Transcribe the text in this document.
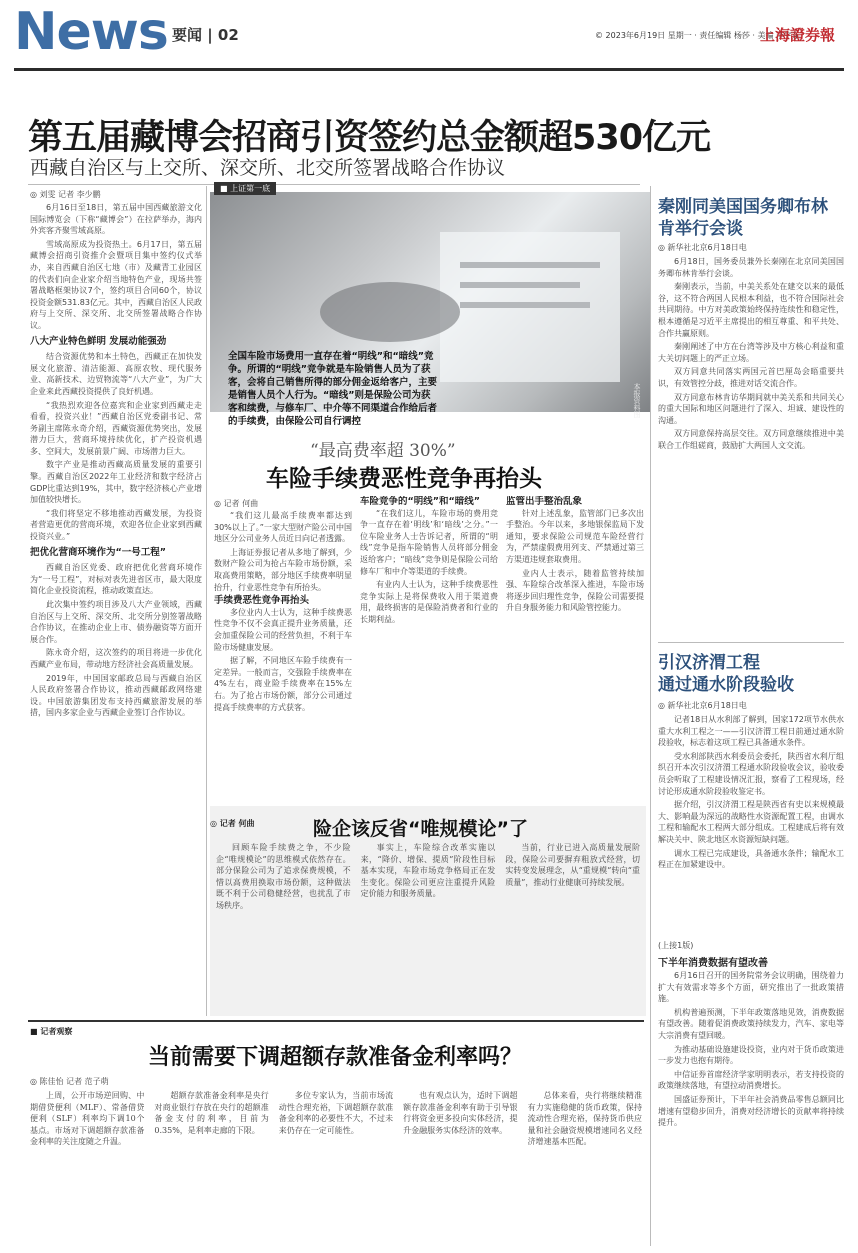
News 要闻 | 02	© 2023年6月19日 星期一 · 责任编辑 杨莎 · 美编 李宇东
上海證券報
第五届藏博会招商引资签约总金额超530亿元
西藏自治区与上交所、深交所、北交所签署战略合作协议
◎ 刘雯 记者 李少鹏

6月16日至18日，第五届中国西藏旅游文化国际博览会（下称“藏博会”）在拉萨举办，海内外宾客齐聚雪域高原。

雪域高原成为投资热土。6月17日，第五届藏博会招商引资推介会暨项目集中签约仪式举办，来自西藏自治区七地（市）及藏青工业园区的代表们向企业家介绍当地特色产业，现场共签署战略框架协议7个，签约项目合同60个，协议投资金额531.83亿元。其中，西藏自治区人民政府与上交所、深交所、北交所签署战略合作协议。

八大产业特色鲜明 发展动能强劲

结合资源优势和本土特色，西藏正在加快发展文化旅游、清洁能源、高原农牧、现代服务业、高新技术、边贸物流等“八大产业”，为广大企业来此西藏投资提供了良好机遇。

“我热烈欢迎各位嘉宾和企业家到西藏走走看看，投资兴业！”西藏自治区党委副书记、常务副主席陈永奇介绍，西藏资源优势突出，发展潜力巨大，营商环境持续优化，扩产投资机遇多、空间大，发展前景广阔、市场潜力巨大。

数字产业是推动西藏高质量发展的重要引擎。西藏自治区2022年工业经济和数字经济占GDP比重达到19%，其中，数字经济核心产业增加值较快增长。

“我们将坚定不移地推动西藏发展，为投资者营造更优的营商环境，欢迎各位企业家到西藏投资兴业。”

把优化营商环境作为“一号工程”

西藏自治区党委、政府把优化营商环境作为“一号工程”，对标对表先进省区市，最大限度简化企业投资流程，推动政策直达。

此次集中签约项目涉及八大产业领域，西藏自治区与上交所、深交所、北交所分别签署战略合作协议，在推动企业上市、债券融资等方面开展合作。

陈永奇介绍，这次签约的项目将进一步优化西藏产业布局，带动地方经济社会高质量发展。

2019年，中国国家邮政总局与西藏自治区人民政府签署合作协议，推动西藏邮政网络建设。中国旅游集团发布支持西藏旅游发展的举措，国内多家企业与西藏企业签订合作协议。

■ 上证第一底
全国车险市场费用一直存在着“明线”和“暗线”竞争。所谓的“明线”竞争就是车险销售人员为了获客，会将自己销售所得的部分佣金返给客户，主要是销售人员个人行为。“暗线”则是保险公司为获客和续费，与修车厂、中介等不同渠道合作给后者的手续费，由保险公司自行调控
本报资料图
“最高费率超 30%”
车险手续费恶性竞争再抬头
◎ 记者 何曲

“我们这儿最高手续费率都达到30%以上了。”一家大型财产险公司中国地区分公司业务人员近日向记者透露。

上海证券报记者从多地了解到，少数财产险公司为抢占车险市场份额，采取高费用策略，部分地区手续费率明显抬升，行业恶性竞争有所抬头。

手续费恶性竞争再抬头

多位业内人士认为，这种手续费恶性竞争不仅不会真正提升业务质量，还会加重保险公司的经营负担，不利于车险市场健康发展。

据了解，不同地区车险手续费有一定差异。一般而言，交强险手续费率在4%左右，商业险手续费率在15%左右。为了抢占市场份额，部分公司通过提高手续费率的方式获客。

车险竞争的“明线”和“暗线”

“在我们这儿，车险市场的费用竞争一直存在着‘明线’和‘暗线’之分。”一位车险业务人士告诉记者，所谓的“明线”竞争是指车险销售人员将部分佣金返给客户；“暗线”竞争则是保险公司给修车厂和中介等渠道的手续费。

有业内人士认为，这种手续费恶性竞争实际上是将保费收入用于渠道费用，最终损害的是保险消费者和行业的长期利益。

监管出手整治乱象

针对上述乱象，监管部门已多次出手整治。今年以来，多地银保监局下发通知，要求保险公司规范车险经营行为，严禁虚假费用列支、严禁通过第三方渠道违规套取费用。

业内人士表示，随着监管持续加强、车险综合改革深入推进，车险市场将逐步回归理性竞争，保险公司需要提升自身服务能力和风险管控能力。

◎ 记者 何曲	险企该反省“唯规模论”了

回顾车险手续费之争，不少险企“唯规模论”的思维模式依然存在。部分保险公司为了追求保费规模，不惜以高费用换取市场份额，这种做法既不利于公司稳健经营，也扰乱了市场秩序。

事实上，车险综合改革实施以来，“降价、增保、提质”阶段性目标基本实现，车险市场竞争格局正在发生变化。保险公司更应注重提升风险定价能力和服务质量。

当前，行业已进入高质量发展阶段，保险公司要摒弃粗放式经营，切实转变发展理念，从“重规模”转向“重质量”，推动行业健康可持续发展。

■ 记者观察
当前需要下调超额存款准备金利率吗？
◎ 陈佳怡 记者 范子萌

上周，公开市场逆回购、中期借贷便利（MLF）、常备借贷便利（SLF）利率均下调10个基点。市场对下调超额存款准备金利率的关注度随之升温。

超额存款准备金利率是央行对商业银行存放在央行的超额准备金支付的利率，目前为0.35%，是利率走廊的下限。

多位专家认为，当前市场流动性合理充裕，下调超额存款准备金利率的必要性不大，不过未来仍存在一定可能性。

也有观点认为，适时下调超额存款准备金利率有助于引导银行将资金更多投向实体经济，提升金融服务实体经济的效率。

总体来看，央行将继续精准有力实施稳健的货币政策，保持流动性合理充裕，保持货币供应量和社会融资规模增速同名义经济增速基本匹配。

秦刚同美国国务卿布林肯举行会谈
◎ 新华社北京6月18日电

6月18日，国务委员兼外长秦刚在北京同美国国务卿布林肯举行会谈。

秦刚表示，当前，中美关系处在建交以来的最低谷，这不符合两国人民根本利益，也不符合国际社会共同期待。中方对美政策始终保持连续性和稳定性，根本遵循是习近平主席提出的相互尊重、和平共处、合作共赢原则。

秦刚阐述了中方在台湾等涉及中方核心利益和重大关切问题上的严正立场。

双方同意共同落实两国元首巴厘岛会晤重要共识，有效管控分歧，推进对话交流合作。

双方同意布林肯访华期间就中美关系和共同关心的重大国际和地区问题进行了深入、坦诚、建设性的沟通。

双方同意保持高层交往。双方同意继续推进中美联合工作组磋商，鼓励扩大两国人文交流。

引汉济渭工程
通过通水阶段验收
◎ 新华社北京6月18日电

记者18日从水利部了解到，国家172项节水供水重大水利工程之一——引汉济渭工程日前通过通水阶段验收，标志着这项工程已具备通水条件。

受水利部陕西水利委员会委托，陕西省水利厅组织召开本次引汉济渭工程通水阶段验收会议，验收委员会听取了工程建设情况汇报，察看了工程现场，经讨论形成通水阶段验收鉴定书。

据介绍，引汉济渭工程是陕西省有史以来规模最大、影响最为深远的战略性水资源配置工程，由调水工程和输配水工程两大部分组成。工程建成后将有效解决关中、陕北地区水资源短缺问题。

调水工程已完成建设，具备通水条件；输配水工程正在加紧建设中。

(上接1版)
下半年消费数据有望改善

6月16日召开的国务院常务会议明确，围绕着力扩大有效需求等多个方面，研究推出了一批政策措施。

机构普遍预测，下半年政策落地见效，消费数据有望改善。随着促消费政策持续发力，汽车、家电等大宗消费有望回暖。

为推动基础设施建设投资，业内对于货币政策进一步发力也抱有期待。

中信证券首席经济学家明明表示，若支持投资的政策继续落地，有望拉动消费增长。

国盛证券预计，下半年社会消费品零售总额同比增速有望稳步回升，消费对经济增长的贡献率将持续提升。
